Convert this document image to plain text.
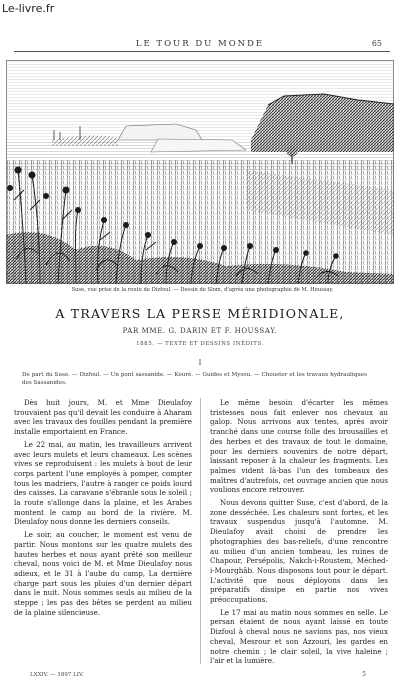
Le-livre.fr
LE TOUR DU MONDE	65
Suse, vue prise de la route de Dizfoul. — Dessin de Slom, d'après une photographie de M. Houssay.
A TRAVERS LA PERSE MÉRIDIONALE,
PAR MME. G. DARIN ET F. HOUSSAY.
1885. — TEXTE ET DESSINS INÉDITS.
I
De part du Suse. — Dizfoul. — Un pont sassanide. — Kouré. — Guides et Mysou. — Chouster et les travaux hydrauliques des Sassanides.

Dès huit jours, M. et Mme Dieulafoy trouvaient pas qu'il devait les conduire à Aharam avec les travaux des fouilles pendant la première installe emportaient en France.

Le 22 mai, au matin, les travailleurs arrivent avec leurs mulets et leurs chameaux. Les scènes vives se reproduisent : les mulets à bout de leur corps partent l'une employés à pomper, compter tous les madriers, l'autre à ranger ce poids lourd des caisses. La caravane s'ébranle sous le soleil ; la route s'allonge dans la plaine, et les Arabes montent le camp au bord de la rivière. M. Dieulafoy nous donne les derniers conseils.

Le soir, au coucher, le moment est venu de partir. Nous montons sur les quatre mulets des hautes herbes et nous ayant prêté son meilleur cheval, nous voici de M. et Mme Dieulafoy nous adieux, et le 31 à l'aube du camp, La dernière charge part sous les pluies d'un dernier départ dans le nuit. Nous sommes seuls au milieu de la steppe ; les pas des bêtes se perdent au milieu de la plaine silencieuse.

Le même besoin d'écarter les mêmes tristesses nous fait enlever nos chevaux au galop. Nous arrivons aux tentes, après avoir tranché dans une course folle des brousailles et des herbes et des travaux de tout le domaine, pour les derniers souvenirs de notre départ, laissant reposer à la chaleur les fragments. Les palmes vident là-bas l'un des tombeaux des maîtres d'autrefois, cet ouvrage ancien que nous voulions encore retrouver.

Nous devons quitter Suse, c'est d'abord, de la zone desséchée. Les chaleurs sont fortes, et les travaux suspendus jusqu'à l'automne. M. Dieulafoy avait choisi de prendre les photographies des bas-reliefs, d'une rencontre au milieu d'un ancien tombeau, les ruines de Chapour, Persépolis, Nakch-i-Roustem, Méched-i-Mourghâb. Nous disposons tout pour le départ. L'activité que nous déployons dans les préparatifs dissipe en partie nos vives préoccupations.

Le 17 mai au matin nous sommes en selle. Le persan étaient de nous ayant laissé en toute Dizfoul à cheval nous ne savions pas, nos vieux cheval, Mesrour et son Azzouri, les gardes en notre chemin ; le clair soleil, la vive haleine ; l'air et la lumière.

LXXIV. — 1897 LIV.	5
